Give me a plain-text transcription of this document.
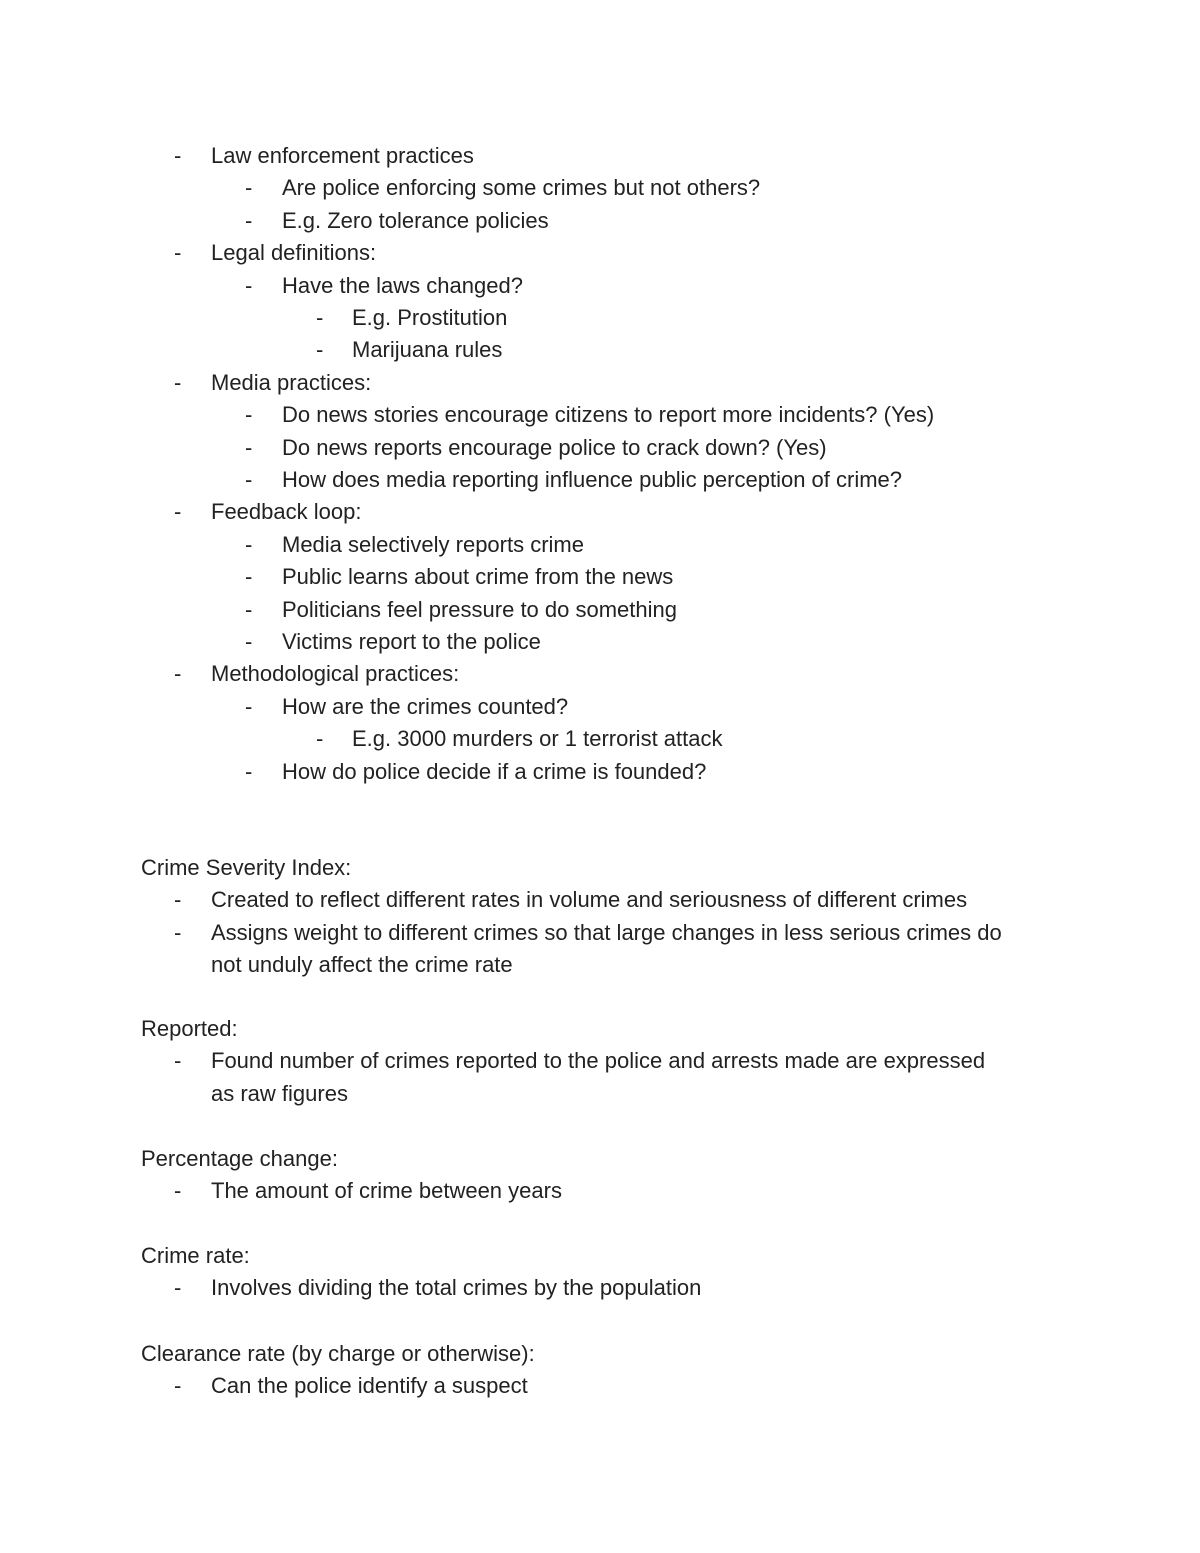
- Law enforcement practices
- Are police enforcing some crimes but not others?
- E.g. Zero tolerance policies
- Legal definitions:
- Have the laws changed?
- E.g. Prostitution
- Marijuana rules
- Media practices:
- Do news stories encourage citizens to report more incidents? (Yes)
- Do news reports encourage police to crack down? (Yes)
- How does media reporting influence public perception of crime?
- Feedback loop:
- Media selectively reports crime
- Public learns about crime from the news
- Politicians feel pressure to do something
- Victims report to the police
- Methodological practices:
- How are the crimes counted?
- E.g. 3000 murders or 1 terrorist attack
- How do police decide if a crime is founded?
Crime Severity Index:
- Created to reflect different rates in volume and seriousness of different crimes
- Assigns weight to different crimes so that large changes in less serious crimes do
not unduly affect the crime rate
Reported:
- Found number of crimes reported to the police and arrests made are expressed
as raw figures
Percentage change:
- The amount of crime between years
Crime rate:
- Involves dividing the total crimes by the population
Clearance rate (by charge or otherwise):
- Can the police identify a suspect
